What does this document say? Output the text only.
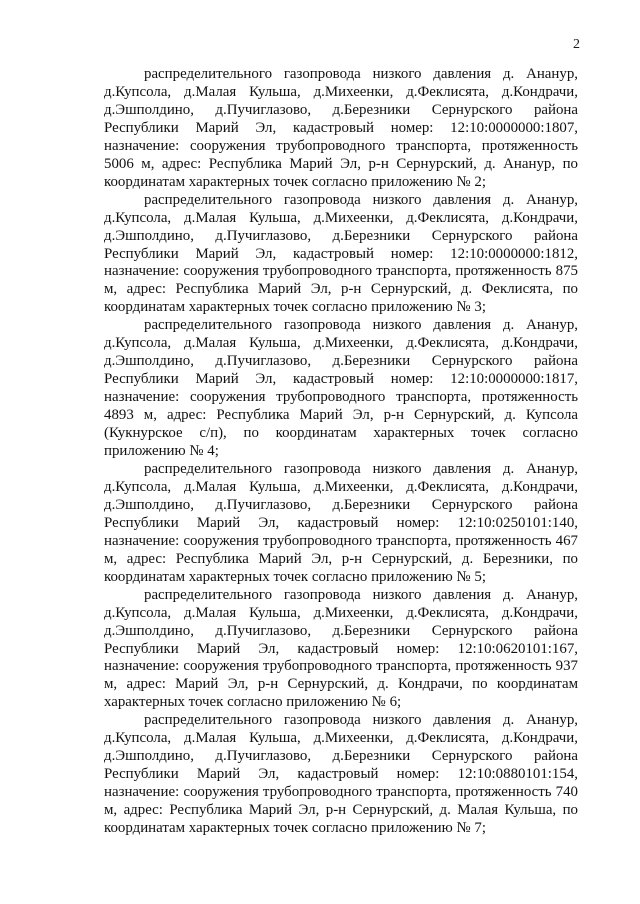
2

распределительного газопровода низкого давления д. Ананур, д.Купсола, д.Малая Кульша, д.Михеенки, д.Феклисята, д.Кондрачи, д.Эшполдино, д.Пучиглазово, д.Березники Сернурского района Республики Марий Эл, кадастровый номер: 12:10:0000000:1807, назначение: сооружения трубопроводного транспорта, протяженность 5006 м, адрес: Республика Марий Эл, р-н Сернурский, д. Ананур, по координатам характерных точек согласно приложению № 2;

распределительного газопровода низкого давления д. Ананур, д.Купсола, д.Малая Кульша, д.Михеенки, д.Феклисята, д.Кондрачи, д.Эшполдино, д.Пучиглазово, д.Березники Сернурского района Республики Марий Эл, кадастровый номер: 12:10:0000000:1812, назначение: сооружения трубопроводного транспорта, протяженность 875 м, адрес: Республика Марий Эл, р-н Сернурский, д. Феклисята, по координатам характерных точек согласно приложению № 3;

распределительного газопровода низкого давления д. Ананур, д.Купсола, д.Малая Кульша, д.Михеенки, д.Феклисята, д.Кондрачи, д.Эшполдино, д.Пучиглазово, д.Березники Сернурского района Республики Марий Эл, кадастровый номер: 12:10:0000000:1817, назначение: сооружения трубопроводного транспорта, протяженность 4893 м, адрес: Республика Марий Эл, р-н Сернурский, д. Купсола (Кукнурское с/п), по координатам характерных точек согласно приложению № 4;

распределительного газопровода низкого давления д. Ананур, д.Купсола, д.Малая Кульша, д.Михеенки, д.Феклисята, д.Кондрачи, д.Эшполдино, д.Пучиглазово, д.Березники Сернурского района Республики Марий Эл, кадастровый номер: 12:10:0250101:140, назначение: сооружения трубопроводного транспорта, протяженность 467 м, адрес: Республика Марий Эл, р-н Сернурский, д. Березники, по координатам характерных точек согласно приложению № 5;

распределительного газопровода низкого давления д. Ананур, д.Купсола, д.Малая Кульша, д.Михеенки, д.Феклисята, д.Кондрачи, д.Эшполдино, д.Пучиглазово, д.Березники Сернурского района Республики Марий Эл, кадастровый номер: 12:10:0620101:167, назначение: сооружения трубопроводного транспорта, протяженность 937 м, адрес: Марий Эл, р-н Сернурский, д. Кондрачи, по координатам характерных точек согласно приложению № 6;

распределительного газопровода низкого давления д. Ананур, д.Купсола, д.Малая Кульша, д.Михеенки, д.Феклисята, д.Кондрачи, д.Эшполдино, д.Пучиглазово, д.Березники Сернурского района Республики Марий Эл, кадастровый номер: 12:10:0880101:154, назначение: сооружения трубопроводного транспорта, протяженность 740 м, адрес: Республика Марий Эл, р-н Сернурский, д. Малая Кульша, по координатам характерных точек согласно приложению № 7;
